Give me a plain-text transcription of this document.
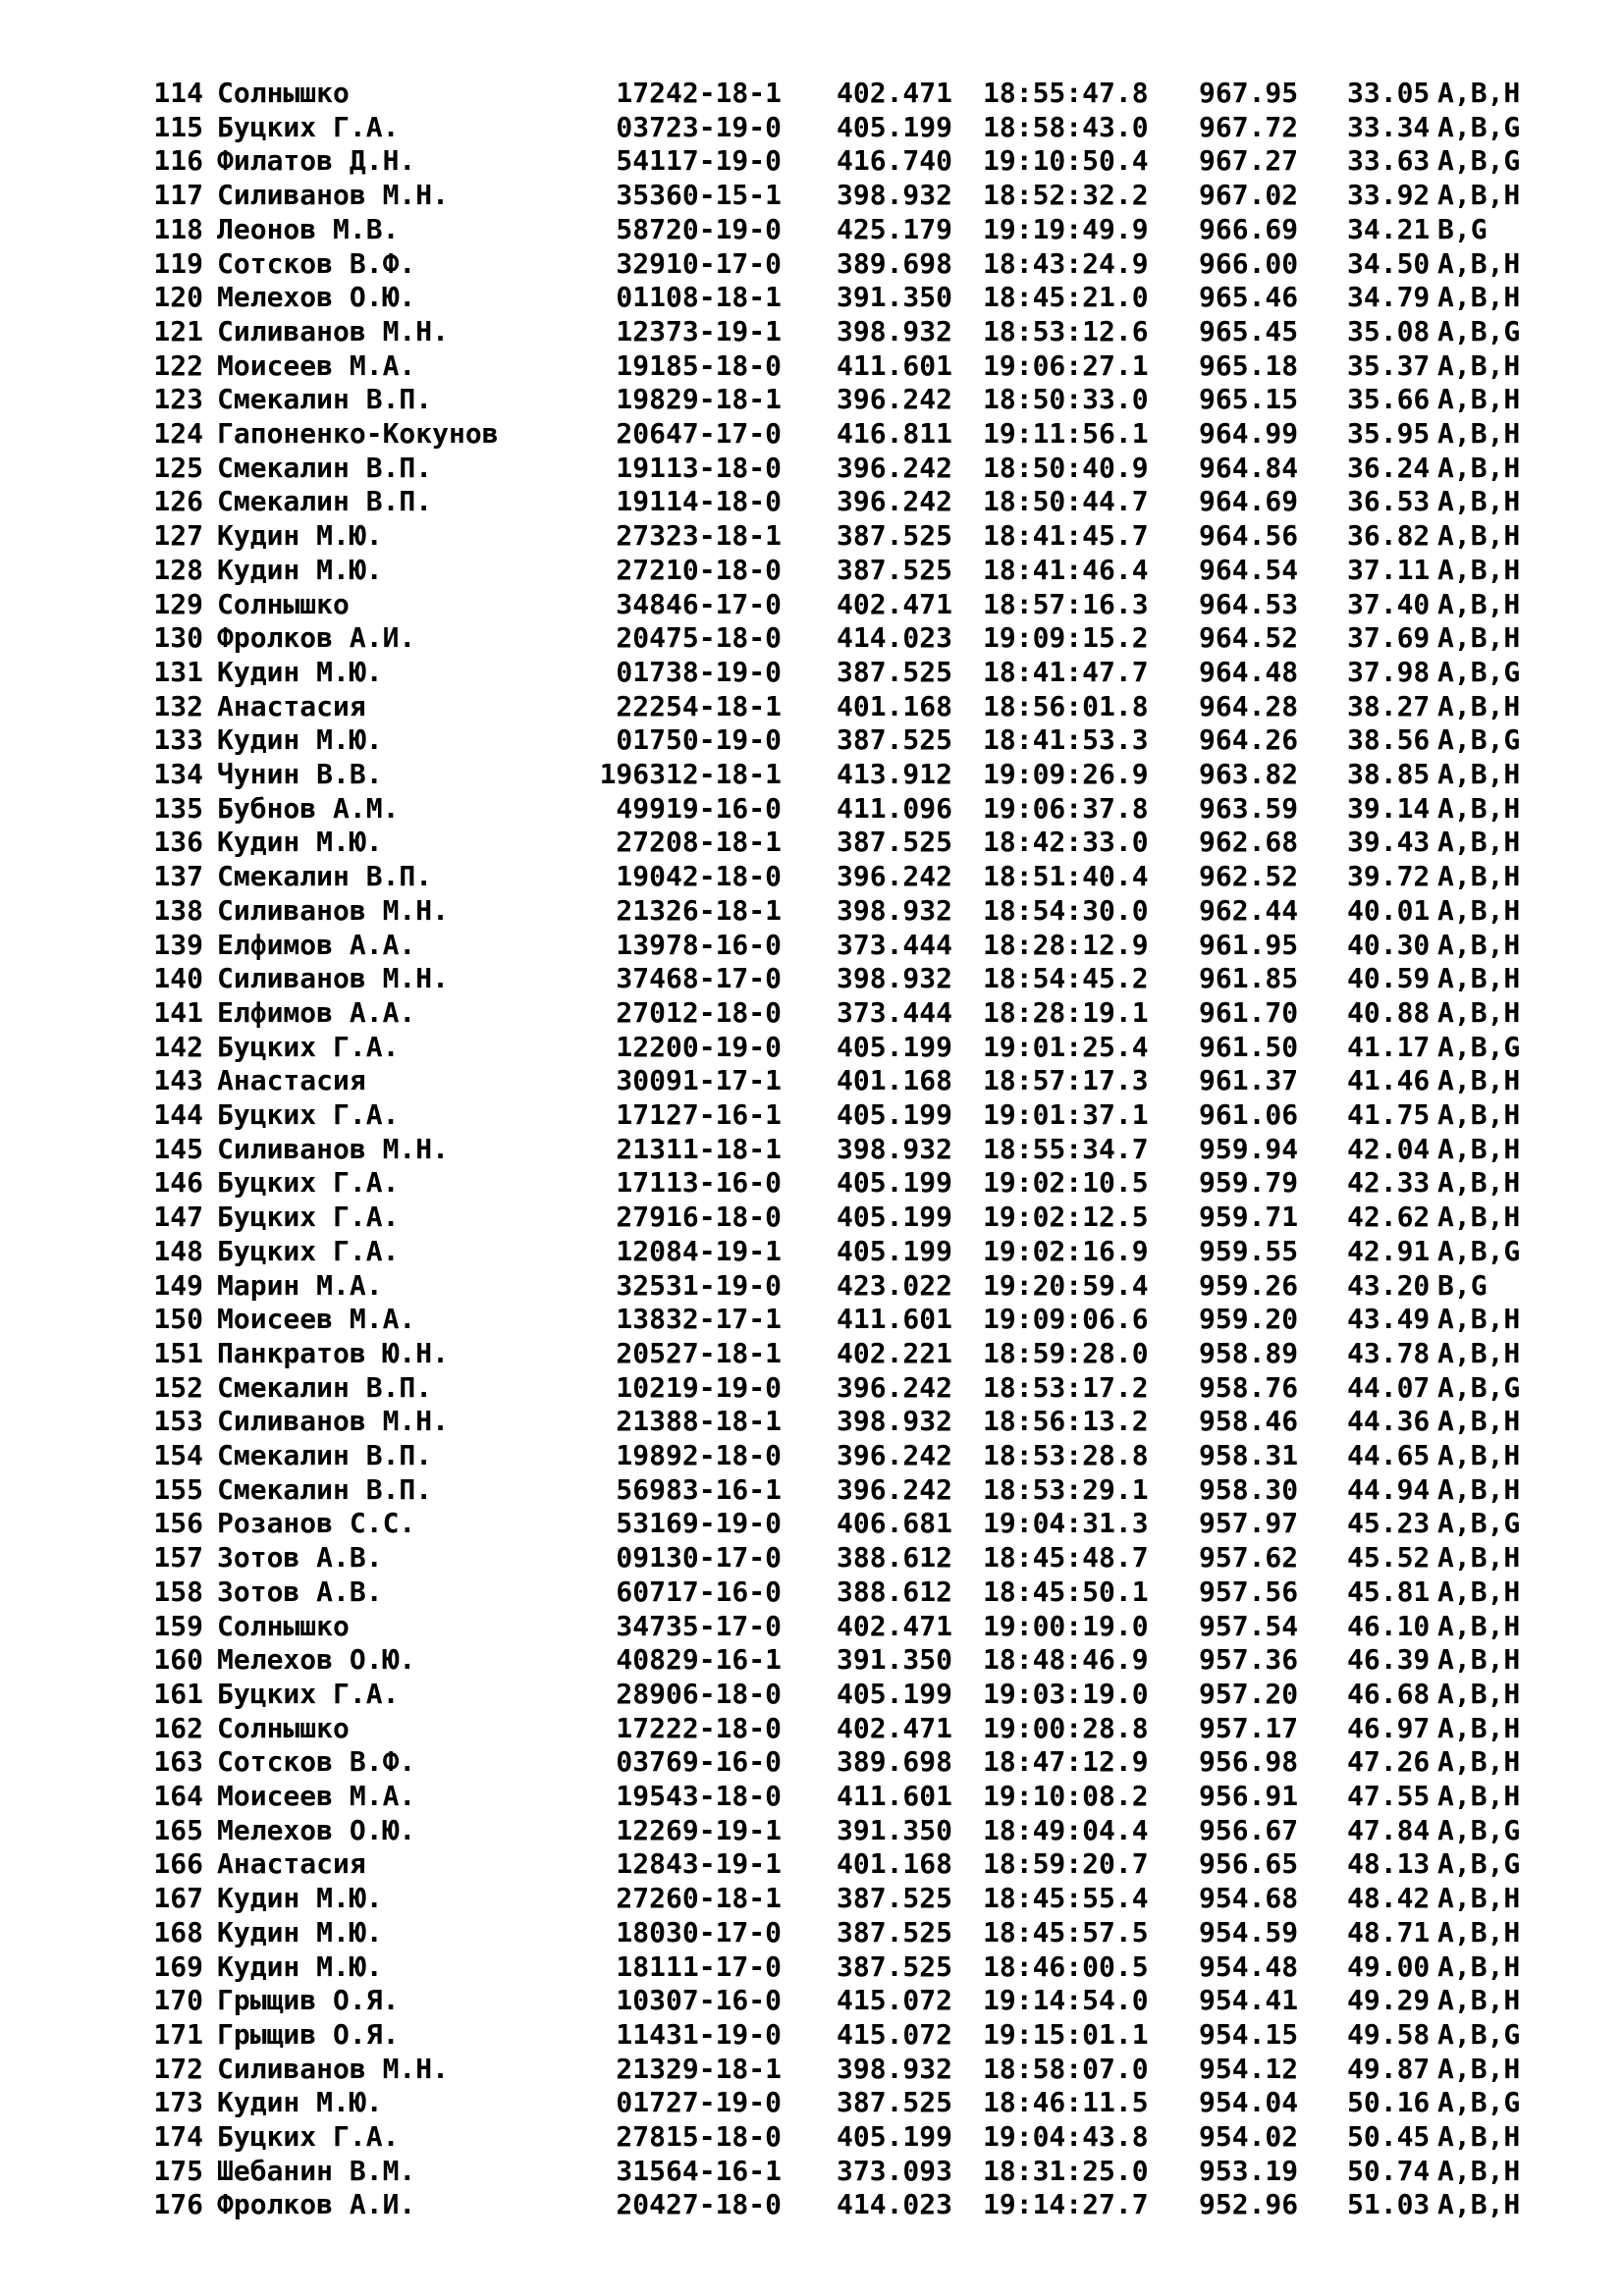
114 Солнышко	17242-18-1 402.471 18:55:47.8 967.95 33.05 A,B,H
115 Буцких Г.А.	03723-19-0 405.199 18:58:43.0 967.72 33.34 A,B,G
116 Филатов Д.Н.	54117-19-0 416.740 19:10:50.4 967.27 33.63 A,B,G
117 Силиванов М.Н.	35360-15-1 398.932 18:52:32.2 967.02 33.92 A,B,H
118 Леонов М.В.	58720-19-0 425.179 19:19:49.9 966.69 34.21 B,G
119 Сотсков В.Ф.	32910-17-0 389.698 18:43:24.9 966.00 34.50 A,B,H
120 Мелехов О.Ю.	01108-18-1 391.350 18:45:21.0 965.46 34.79 A,B,H
121 Силиванов М.Н.	12373-19-1 398.932 18:53:12.6 965.45 35.08 A,B,G
122 Моисеев М.А.	19185-18-0 411.601 19:06:27.1 965.18 35.37 A,B,H
123 Смекалин В.П.	19829-18-1 396.242 18:50:33.0 965.15 35.66 A,B,H
124 Гапоненко-Кокунов	20647-17-0 416.811 19:11:56.1 964.99 35.95 A,B,H
125 Смекалин В.П.	19113-18-0 396.242 18:50:40.9 964.84 36.24 A,B,H
126 Смекалин В.П.	19114-18-0 396.242 18:50:44.7 964.69 36.53 A,B,H
127 Кудин М.Ю.	27323-18-1 387.525 18:41:45.7 964.56 36.82 A,B,H
128 Кудин М.Ю.	27210-18-0 387.525 18:41:46.4 964.54 37.11 A,B,H
129 Солнышко	34846-17-0 402.471 18:57:16.3 964.53 37.40 A,B,H
130 Фролков А.И.	20475-18-0 414.023 19:09:15.2 964.52 37.69 A,B,H
131 Кудин М.Ю.	01738-19-0 387.525 18:41:47.7 964.48 37.98 A,B,G
132 Анастасия	22254-18-1 401.168 18:56:01.8 964.28 38.27 A,B,H
133 Кудин М.Ю.	01750-19-0 387.525 18:41:53.3 964.26 38.56 A,B,G
134 Чунин В.В.	196312-18-1 413.912 19:09:26.9 963.82 38.85 A,B,H
135 Бубнов А.М.	49919-16-0 411.096 19:06:37.8 963.59 39.14 A,B,H
136 Кудин М.Ю.	27208-18-1 387.525 18:42:33.0 962.68 39.43 A,B,H
137 Смекалин В.П.	19042-18-0 396.242 18:51:40.4 962.52 39.72 A,B,H
138 Силиванов М.Н.	21326-18-1 398.932 18:54:30.0 962.44 40.01 A,B,H
139 Елфимов А.А.	13978-16-0 373.444 18:28:12.9 961.95 40.30 A,B,H
140 Силиванов М.Н.	37468-17-0 398.932 18:54:45.2 961.85 40.59 A,B,H
141 Елфимов А.А.	27012-18-0 373.444 18:28:19.1 961.70 40.88 A,B,H
142 Буцких Г.А.	12200-19-0 405.199 19:01:25.4 961.50 41.17 A,B,G
143 Анастасия	30091-17-1 401.168 18:57:17.3 961.37 41.46 A,B,H
144 Буцких Г.А.	17127-16-1 405.199 19:01:37.1 961.06 41.75 A,B,H
145 Силиванов М.Н.	21311-18-1 398.932 18:55:34.7 959.94 42.04 A,B,H
146 Буцких Г.А.	17113-16-0 405.199 19:02:10.5 959.79 42.33 A,B,H
147 Буцких Г.А.	27916-18-0 405.199 19:02:12.5 959.71 42.62 A,B,H
148 Буцких Г.А.	12084-19-1 405.199 19:02:16.9 959.55 42.91 A,B,G
149 Марин М.А.	32531-19-0 423.022 19:20:59.4 959.26 43.20 B,G
150 Моисеев М.А.	13832-17-1 411.601 19:09:06.6 959.20 43.49 A,B,H
151 Панкратов Ю.Н.	20527-18-1 402.221 18:59:28.0 958.89 43.78 A,B,H
152 Смекалин В.П.	10219-19-0 396.242 18:53:17.2 958.76 44.07 A,B,G
153 Силиванов М.Н.	21388-18-1 398.932 18:56:13.2 958.46 44.36 A,B,H
154 Смекалин В.П.	19892-18-0 396.242 18:53:28.8 958.31 44.65 A,B,H
155 Смекалин В.П.	56983-16-1 396.242 18:53:29.1 958.30 44.94 A,B,H
156 Розанов С.С.	53169-19-0 406.681 19:04:31.3 957.97 45.23 A,B,G
157 Зотов А.В.	09130-17-0 388.612 18:45:48.7 957.62 45.52 A,B,H
158 Зотов А.В.	60717-16-0 388.612 18:45:50.1 957.56 45.81 A,B,H
159 Солнышко	34735-17-0 402.471 19:00:19.0 957.54 46.10 A,B,H
160 Мелехов О.Ю.	40829-16-1 391.350 18:48:46.9 957.36 46.39 A,B,H
161 Буцких Г.А.	28906-18-0 405.199 19:03:19.0 957.20 46.68 A,B,H
162 Солнышко	17222-18-0 402.471 19:00:28.8 957.17 46.97 A,B,H
163 Сотсков В.Ф.	03769-16-0 389.698 18:47:12.9 956.98 47.26 A,B,H
164 Моисеев М.А.	19543-18-0 411.601 19:10:08.2 956.91 47.55 A,B,H
165 Мелехов О.Ю.	12269-19-1 391.350 18:49:04.4 956.67 47.84 A,B,G
166 Анастасия	12843-19-1 401.168 18:59:20.7 956.65 48.13 A,B,G
167 Кудин М.Ю.	27260-18-1 387.525 18:45:55.4 954.68 48.42 A,B,H
168 Кудин М.Ю.	18030-17-0 387.525 18:45:57.5 954.59 48.71 A,B,H
169 Кудин М.Ю.	18111-17-0 387.525 18:46:00.5 954.48 49.00 A,B,H
170 Грыщив О.Я.	10307-16-0 415.072 19:14:54.0 954.41 49.29 A,B,H
171 Грыщив О.Я.	11431-19-0 415.072 19:15:01.1 954.15 49.58 A,B,G
172 Силиванов М.Н.	21329-18-1 398.932 18:58:07.0 954.12 49.87 A,B,H
173 Кудин М.Ю.	01727-19-0 387.525 18:46:11.5 954.04 50.16 A,B,G
174 Буцких Г.А.	27815-18-0 405.199 19:04:43.8 954.02 50.45 A,B,H
175 Шебанин В.М.	31564-16-1 373.093 18:31:25.0 953.19 50.74 A,B,H
176 Фролков А.И.	20427-18-0 414.023 19:14:27.7 952.96 51.03 A,B,H
